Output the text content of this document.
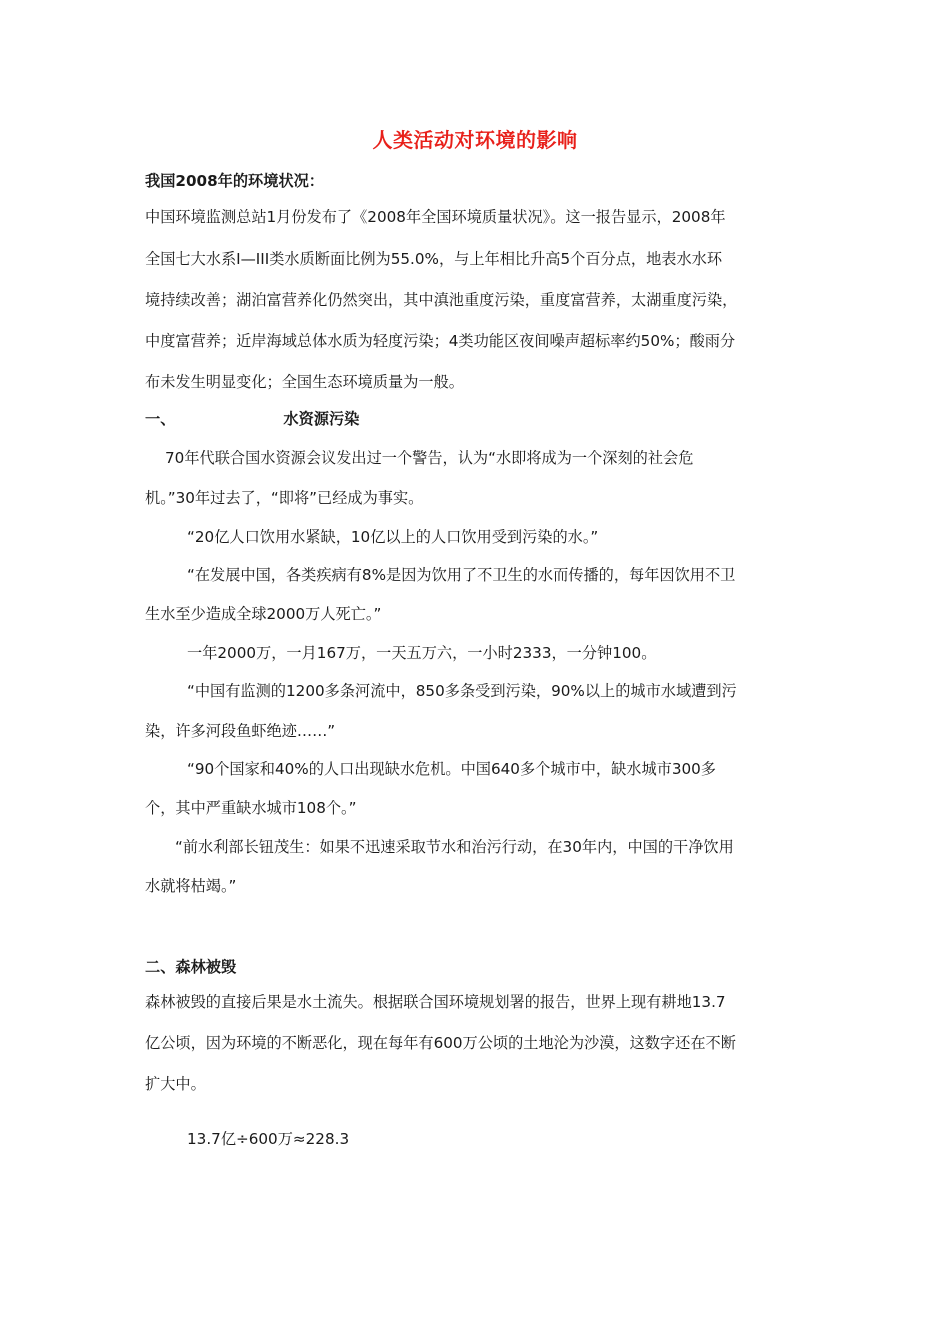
人类活动对环境的影响
我国2008年的环境状况：
中国环境监测总站1月份发布了《2008年全国环境质量状况》。这一报告显示，2008年
全国七大水系I—III类水质断面比例为55.0%，与上年相比升高5个百分点，地表水水环
境持续改善；湖泊富营养化仍然突出，其中滇池重度污染，重度富营养，太湖重度污染，
中度富营养；近岸海域总体水质为轻度污染；4类功能区夜间噪声超标率约50%；酸雨分
布未发生明显变化；全国生态环境质量为一般。
一、	水资源污染
70年代联合国水资源会议发出过一个警告，认为“水即将成为一个深刻的社会危
机。”30年过去了，“即将”已经成为事实。
“20亿人口饮用水紧缺，10亿以上的人口饮用受到污染的水。”
“在发展中国，各类疾病有8%是因为饮用了不卫生的水而传播的，每年因饮用不卫
生水至少造成全球2000万人死亡。”
一年2000万，一月167万，一天五万六，一小时2333，一分钟100。
“中国有监测的1200多条河流中，850多条受到污染，90%以上的城市水域遭到污
染，许多河段鱼虾绝迹……”
“90个国家和40%的人口出现缺水危机。中国640多个城市中，缺水城市300多
个，其中严重缺水城市108个。”
“前水利部长钮茂生：如果不迅速采取节水和治污行动，在30年内，中国的干净饮用
水就将枯竭。”
二、森林被毁
森林被毁的直接后果是水土流失。根据联合国环境规划署的报告，世界上现有耕地13.7
亿公顷，因为环境的不断恶化，现在每年有600万公顷的土地沦为沙漠，这数字还在不断
扩大中。
13.7亿÷600万≈228.3
